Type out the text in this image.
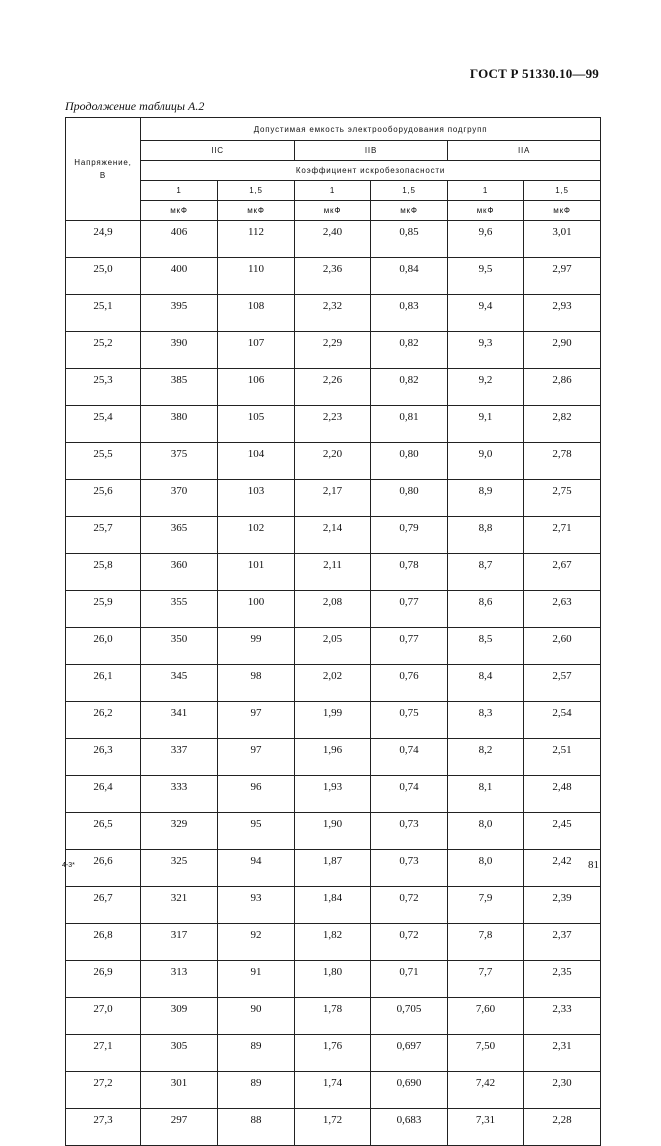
ГОСТ Р 51330.10—99
Продолжение таблицы А.2
Напряжение,
В	Допустимая емкость электрооборудования подгрупп					
	IIC		IIB		IIA	
	Коэффициент искробезопасности					
	1	1,5	1	1,5	1	1,5
	мкФ	мкФ	мкФ	мкФ	мкФ	мкФ
24,9	406	112	2,40	0,85	9,6	3,01
25,0	400	110	2,36	0,84	9,5	2,97
25,1	395	108	2,32	0,83	9,4	2,93
25,2	390	107	2,29	0,82	9,3	2,90
25,3	385	106	2,26	0,82	9,2	2,86
25,4	380	105	2,23	0,81	9,1	2,82
25,5	375	104	2,20	0,80	9,0	2,78
25,6	370	103	2,17	0,80	8,9	2,75
25,7	365	102	2,14	0,79	8,8	2,71
25,8	360	101	2,11	0,78	8,7	2,67
25,9	355	100	2,08	0,77	8,6	2,63
26,0	350	99	2,05	0,77	8,5	2,60
26,1	345	98	2,02	0,76	8,4	2,57
26,2	341	97	1,99	0,75	8,3	2,54
26,3	337	97	1,96	0,74	8,2	2,51
26,4	333	96	1,93	0,74	8,1	2,48
26,5	329	95	1,90	0,73	8,0	2,45
26,6	325	94	1,87	0,73	8,0	2,42
26,7	321	93	1,84	0,72	7,9	2,39
26,8	317	92	1,82	0,72	7,8	2,37
26,9	313	91	1,80	0,71	7,7	2,35
27,0	309	90	1,78	0,705	7,60	2,33
27,1	305	89	1,76	0,697	7,50	2,31
27,2	301	89	1,74	0,690	7,42	2,30
27,3	297	88	1,72	0,683	7,31	2,28
4-3*	81
